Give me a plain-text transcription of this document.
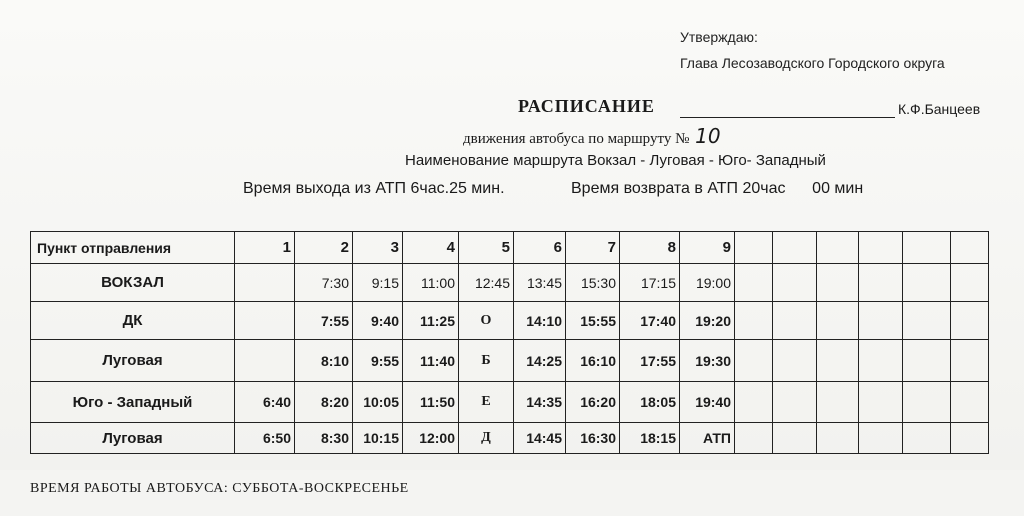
Утверждаю:
Глава Лесозаводского Городского округа
РАСПИСАНИЕ	К.Ф.Банцеев
движения автобуса по маршруту № 10
Наименование маршрута Вокзал - Луговая - Юго- Западный
Время выхода из АТП 6час.25 мин.	Время возврата в АТП 20час      00 мин
Пункт отправления	1	2	3	4	5	6	7	8	9						
ВОКЗАЛ		7:30	9:15	11:00	12:45	13:45	15:30	17:15	19:00						
ДК		7:55	9:40	11:25	О	14:10	15:55	17:40	19:20						
Луговая		8:10	9:55	11:40	Б	14:25	16:10	17:55	19:30						
Юго - Западный	6:40	8:20	10:05	11:50	Е	14:35	16:20	18:05	19:40						
Луговая	6:50	8:30	10:15	12:00	Д	14:45	16:30	18:15	АТП						
ВРЕМЯ РАБОТЫ АВТОБУСА: СУББОТА-ВОСКРЕСЕНЬЕ
